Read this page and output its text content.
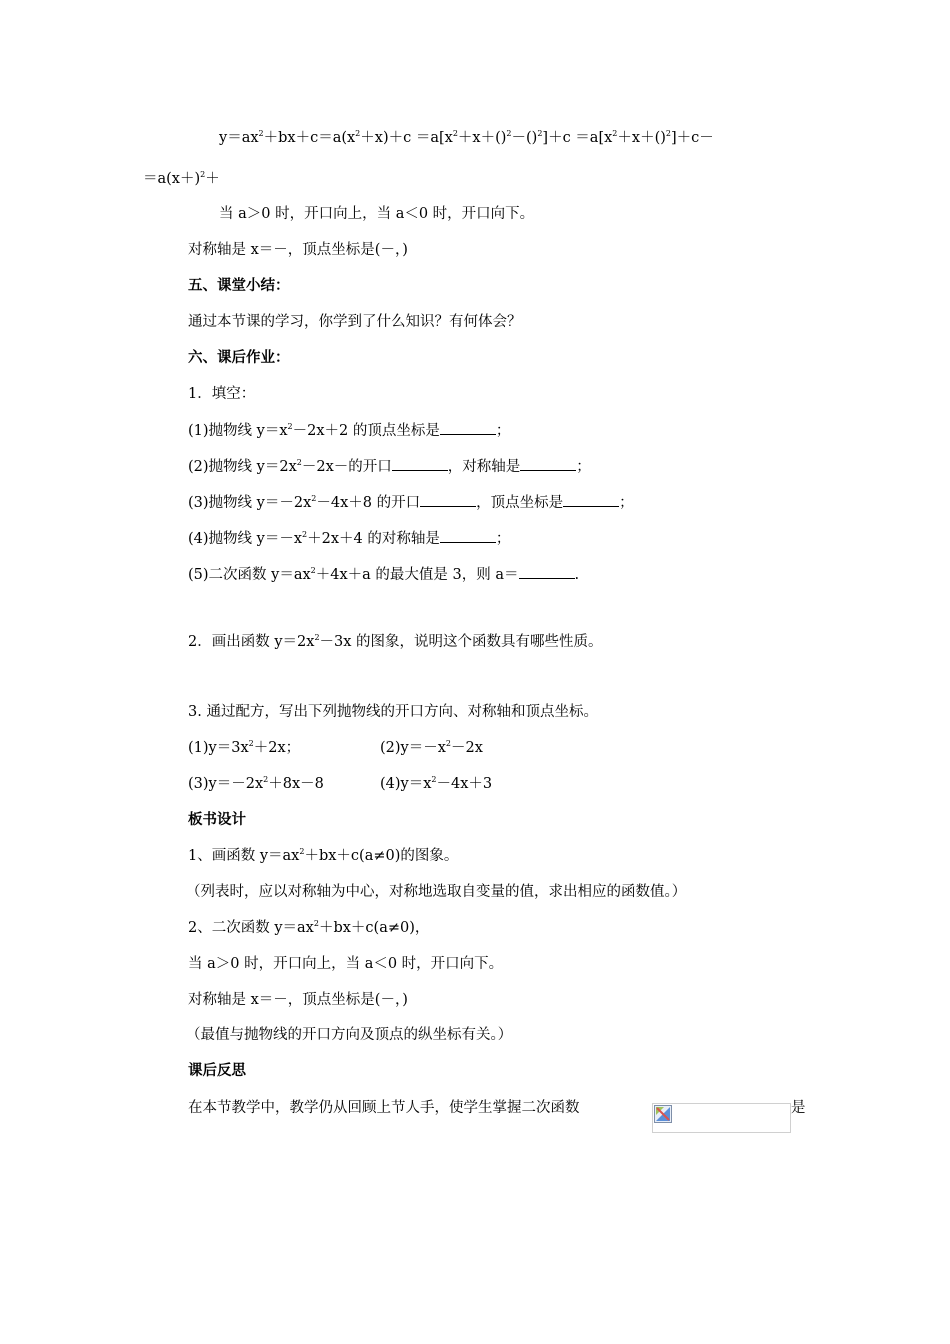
$y=ax^2+bx+c=a(x^2+x)+c =a[x^2+x+()^2-()^2]+c =a[x^2+x+()^2]+c-$
$=a(x+)^2+$
当 a＞0 时，开口向上，当 a＜0 时，开口向下。
对称轴是 x＝－，顶点坐标是(－，)
五、课堂小结：
通过本节课的学习，你学到了什么知识？有何体会？
六、课后作业：
1．填空：
(1)抛物线 $y=x^2-2x+2$ 的顶点坐标是	；
(2)抛物线 $y=2x^2-2x-$的开口	，对称轴是	；
(3)抛物线 $y=-2x^2-4x+8$ 的开口	，顶点坐标是	；
(4)抛物线 $y=-x^2+2x+4$ 的对称轴是	；
(5)二次函数 $y=ax^2+4x+a$ 的最大值是 3，则 a＝	.
2．画出函数 $y=2x^2-3x$ 的图象，说明这个函数具有哪些性质。
3. 通过配方，写出下列抛物线的开口方向、对称轴和顶点坐标。
$(1)y=3x^2+2x$；	$(2)y=-x^2-2x$
$(3)y=-2x^2+8x-8$	$(4)y=x^2-4x+3$
板书设计
1、画函数 $y=ax^2+bx+c(a\ne 0)$的图象。
（列表时，应以对称轴为中心，对称地选取自变量的值，求出相应的函数值。）
2、二次函数 $y=ax^2+bx+c(a\ne 0)$，
当 a＞0 时，开口向上，当 a＜0 时，开口向下。
对称轴是 x＝－，顶点坐标是(－，)
（最值与抛物线的开口方向及顶点的纵坐标有关。）
课后反思
在本节教学中，教学仍从回顾上节人手，使学生掌握二次函数	是
